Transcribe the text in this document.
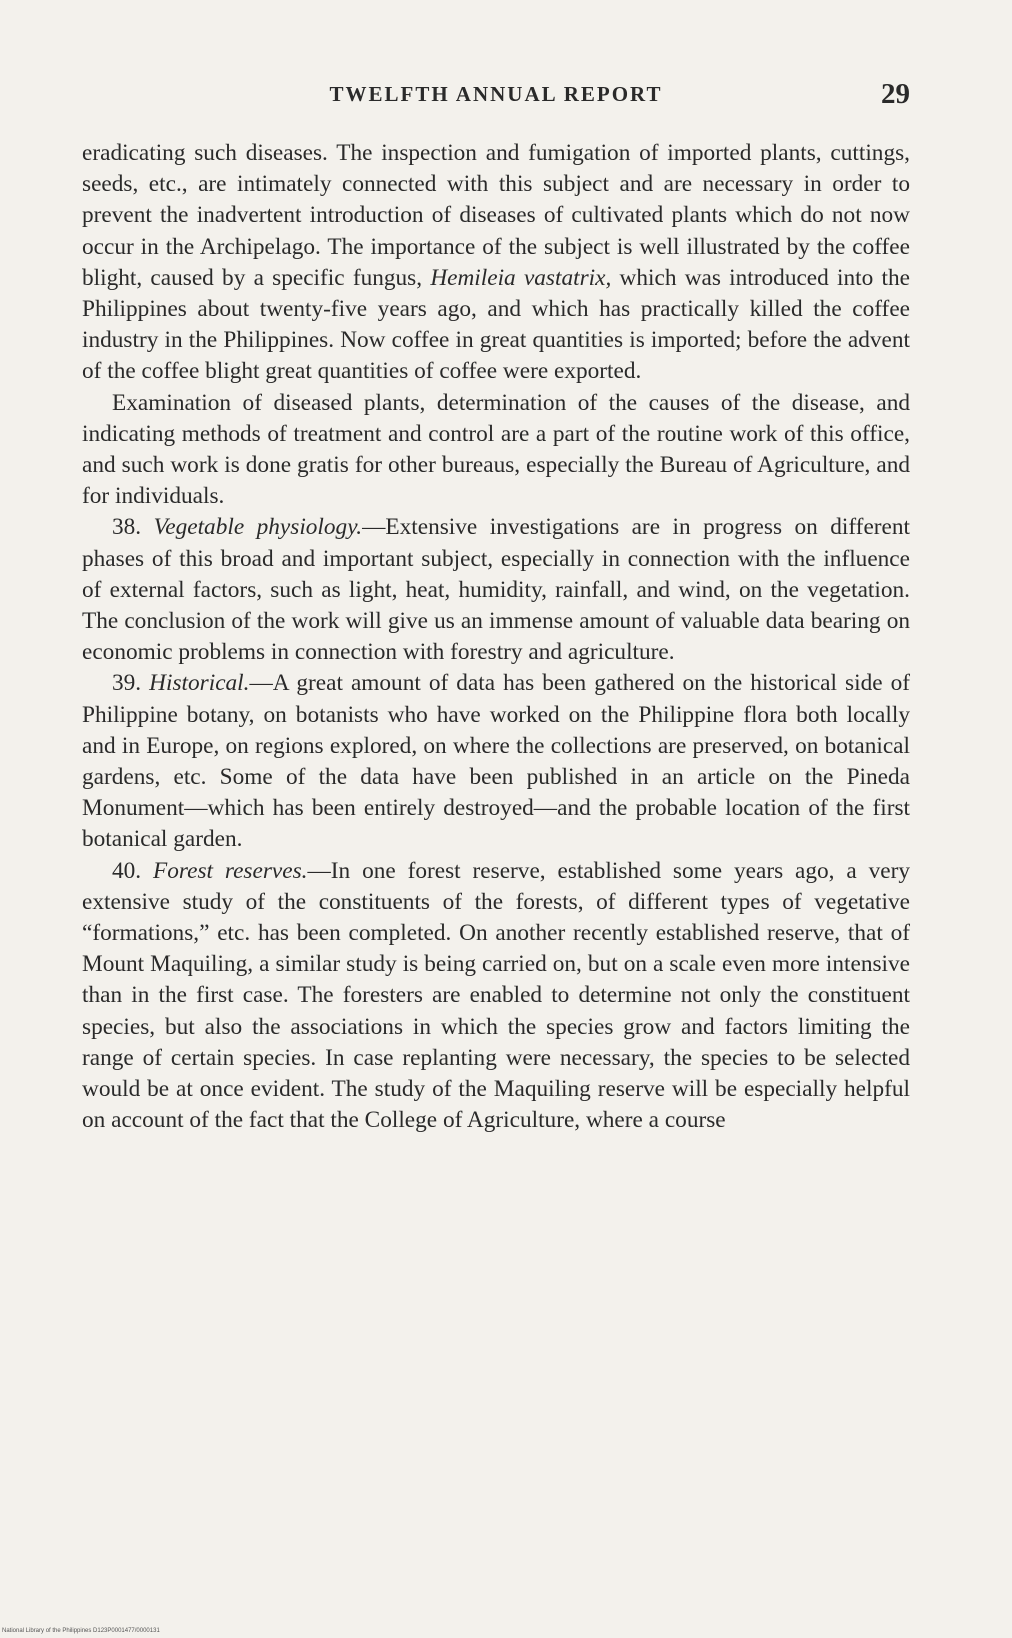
TWELFTH ANNUAL REPORT	29

eradicating such diseases. The inspection and fumigation of imported plants, cuttings, seeds, etc., are intimately connected with this subject and are necessary in order to prevent the inadvertent introduction of diseases of cultivated plants which do not now occur in the Archipelago. The importance of the subject is well illustrated by the coffee blight, caused by a specific fungus, Hemileia vastatrix, which was introduced into the Philippines about twenty-five years ago, and which has practically killed the coffee industry in the Philippines. Now coffee in great quantities is imported; before the advent of the coffee blight great quantities of coffee were exported.

Examination of diseased plants, determination of the causes of the disease, and indicating methods of treatment and control are a part of the routine work of this office, and such work is done gratis for other bureaus, especially the Bureau of Agriculture, and for individuals.

38. Vegetable physiology.—Extensive investigations are in progress on different phases of this broad and important subject, especially in connection with the influence of external factors, such as light, heat, humidity, rainfall, and wind, on the vegetation. The conclusion of the work will give us an immense amount of valuable data bearing on economic problems in connection with forestry and agriculture.

39. Historical.—A great amount of data has been gathered on the historical side of Philippine botany, on botanists who have worked on the Philippine flora both locally and in Europe, on regions explored, on where the collections are preserved, on botanical gardens, etc. Some of the data have been published in an article on the Pineda Monument—which has been entirely destroyed—and the probable location of the first botanical garden.

40. Forest reserves.—In one forest reserve, established some years ago, a very extensive study of the constituents of the forests, of different types of vegetative “formations,” etc. has been completed. On another recently established reserve, that of Mount Maquiling, a similar study is being carried on, but on a scale even more intensive than in the first case. The foresters are enabled to determine not only the constituent species, but also the associations in which the species grow and factors limiting the range of certain species. In case replanting were necessary, the species to be selected would be at once evident. The study of the Maquiling reserve will be especially helpful on account of the fact that the College of Agriculture, where a course

National Library of the Philippines D123P0001477/0000131
